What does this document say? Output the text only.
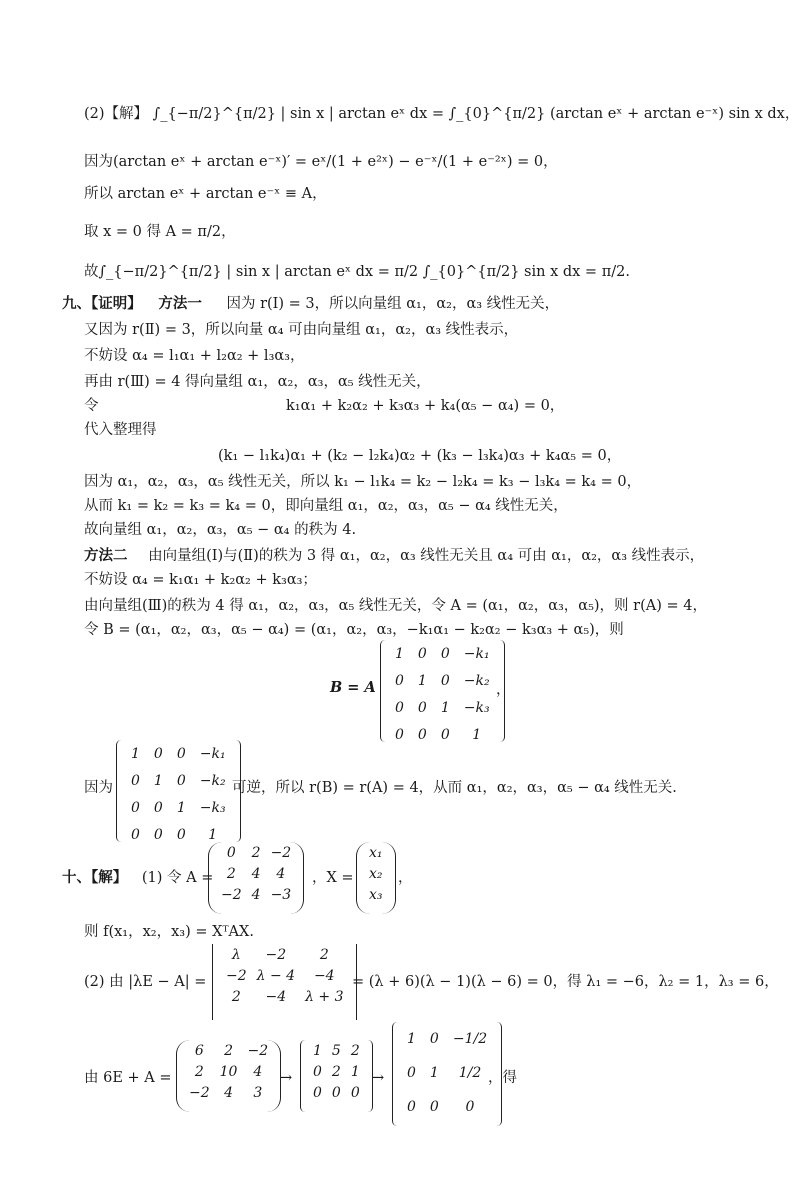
(2)【解】 ∫_{−π/2}^{π/2} | sin x | arctan eˣ dx = ∫_{0}^{π/2} (arctan eˣ + arctan e⁻ˣ) sin x dx，
因为(arctan eˣ + arctan e⁻ˣ)′ = eˣ/(1 + e²ˣ) − e⁻ˣ/(1 + e⁻²ˣ) = 0，
所以 arctan eˣ + arctan e⁻ˣ ≡ A，
取 x = 0 得 A = π/2，
故∫_{−π/2}^{π/2} | sin x | arctan eˣ dx = π/2 ∫_{0}^{π/2} sin x dx = π/2.
九、【证明】 方法一 因为 r(Ⅰ) = 3，所以向量组 α₁，α₂，α₃ 线性无关，
又因为 r(Ⅱ) = 3，所以向量 α₄ 可由向量组 α₁，α₂，α₃ 线性表示，
不妨设 α₄ = l₁α₁ + l₂α₂ + l₃α₃，
再由 r(Ⅲ) = 4 得向量组 α₁，α₂，α₃，α₅ 线性无关，
令	k₁α₁ + k₂α₂ + k₃α₃ + k₄(α₅ − α₄) = 0，
代入整理得
(k₁ − l₁k₄)α₁ + (k₂ − l₂k₄)α₂ + (k₃ − l₃k₄)α₃ + k₄α₅ = 0，
因为 α₁，α₂，α₃，α₅ 线性无关，所以 k₁ − l₁k₄ = k₂ − l₂k₄ = k₃ − l₃k₄ = k₄ = 0，
从而 k₁ = k₂ = k₃ = k₄ = 0，即向量组 α₁，α₂，α₃，α₅ − α₄ 线性无关，
故向量组 α₁，α₂，α₃，α₅ − α₄ 的秩为 4.
方法二 由向量组(Ⅰ)与(Ⅱ)的秩为 3 得 α₁，α₂，α₃ 线性无关且 α₄ 可由 α₁，α₂，α₃ 线性表示，
不妨设 α₄ = k₁α₁ + k₂α₂ + k₃α₃；
由向量组(Ⅲ)的秩为 4 得 α₁，α₂，α₃，α₅ 线性无关，令 A = (α₁，α₂，α₃，α₅)，则 r(A) = 4，
令 B = (α₁，α₂，α₃，α₅ − α₄) = (α₁，α₂，α₃，−k₁α₁ − k₂α₂ − k₃α₃ + α₅)，则
B = A
1	0	0	−k₁
0	1	0	−k₂
0	0	1	−k₃
0	0	0	1
，
因为
1	0	0	−k₁
0	1	0	−k₂
0	0	1	−k₃
0	0	0	1
可逆，所以 r(B) = r(A) = 4，从而 α₁，α₂，α₃，α₅ − α₄ 线性无关.
十、【解】 (1) 令 A =
0	2	−2
2	4	4
−2	4	−3
，X =
x₁
x₂
x₃
，
则 f(x₁，x₂，x₃) = XᵀAX.
(2) 由 |λE − A| =
λ	−2	2
−2	λ − 4	−4
2	−4	λ + 3
= (λ + 6)(λ − 1)(λ − 6) = 0，得 λ₁ = −6，λ₂ = 1，λ₃ = 6，
由 6E + A =
6	2	−2
2	10	4
−2	4	3
→
1	5	2
0	2	1
0	0	0
→
1	0	−1/2
0	1	1/2
0	0	0
，得
